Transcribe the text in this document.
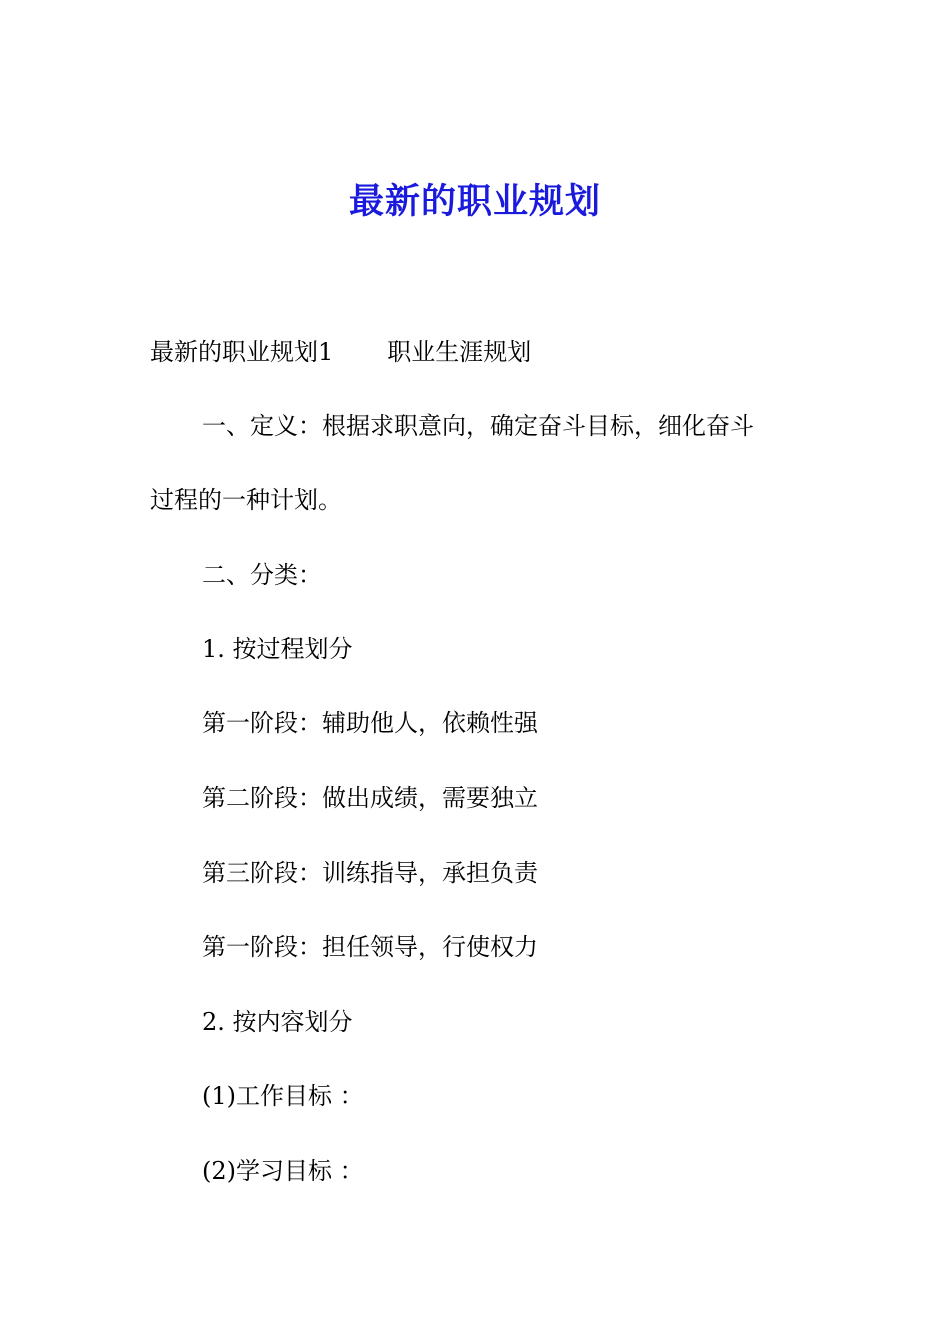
最新的职业规划
最新的职业规划1 职业生涯规划
一、定义：根据求职意向，确定奋斗目标，细化奋斗
过程的一种计划。
二、分类：
1. 按过程划分
第一阶段：辅助他人，依赖性强
第二阶段：做出成绩，需要独立
第三阶段：训练指导，承担负责
第一阶段：担任领导，行使权力
2. 按内容划分
(1)工作目标 ：
(2)学习目标 ：
